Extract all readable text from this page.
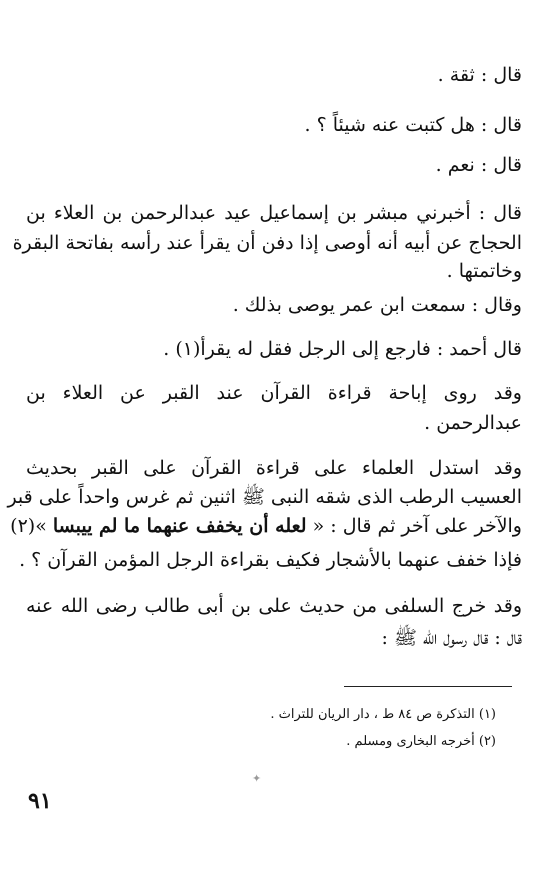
قال : ثقة .
قال : هل كتبت عنه شيئاً ؟ .
قال : نعم .
قال : أخبرني مبشر بن إسماعيل عيد عبدالرحمن بن العلاء بن
الحجاج عن أبيه أنه أوصى إذا دفن أن يقرأ عند رأسه بفاتحة البقرة
وخاتمتها .
وقال : سمعت ابن عمر يوصى بذلك .
قال أحمد : فارجع إلى الرجل فقل له يقرأ(١) .
وقد روى إباحة قراءة القرآن عند القبر عن العلاء بن
عبدالرحمن .
وقد استدل العلماء على قراءة القرآن على القبر بحديث
العسيب الرطب الذى شقه النبى ﷺ اثنين ثم غرس واحداً على قبر
والآخر على آخر ثم قال : « لعله أن يخفف عنهما ما لم ييبسا »(٢)
فإذا خفف عنهما بالأشجار فكيف بقراءة الرجل المؤمن القرآن ؟ .
وقد خرج السلفى من حديث على بن أبى طالب رضى الله عنه
قال : قال رسول الله ﷺ :
(١) التذكرة ص ٨٤ ط ، دار الريان للتراث .
(٢) أخرجه البخارى ومسلم .
✦
٩١
